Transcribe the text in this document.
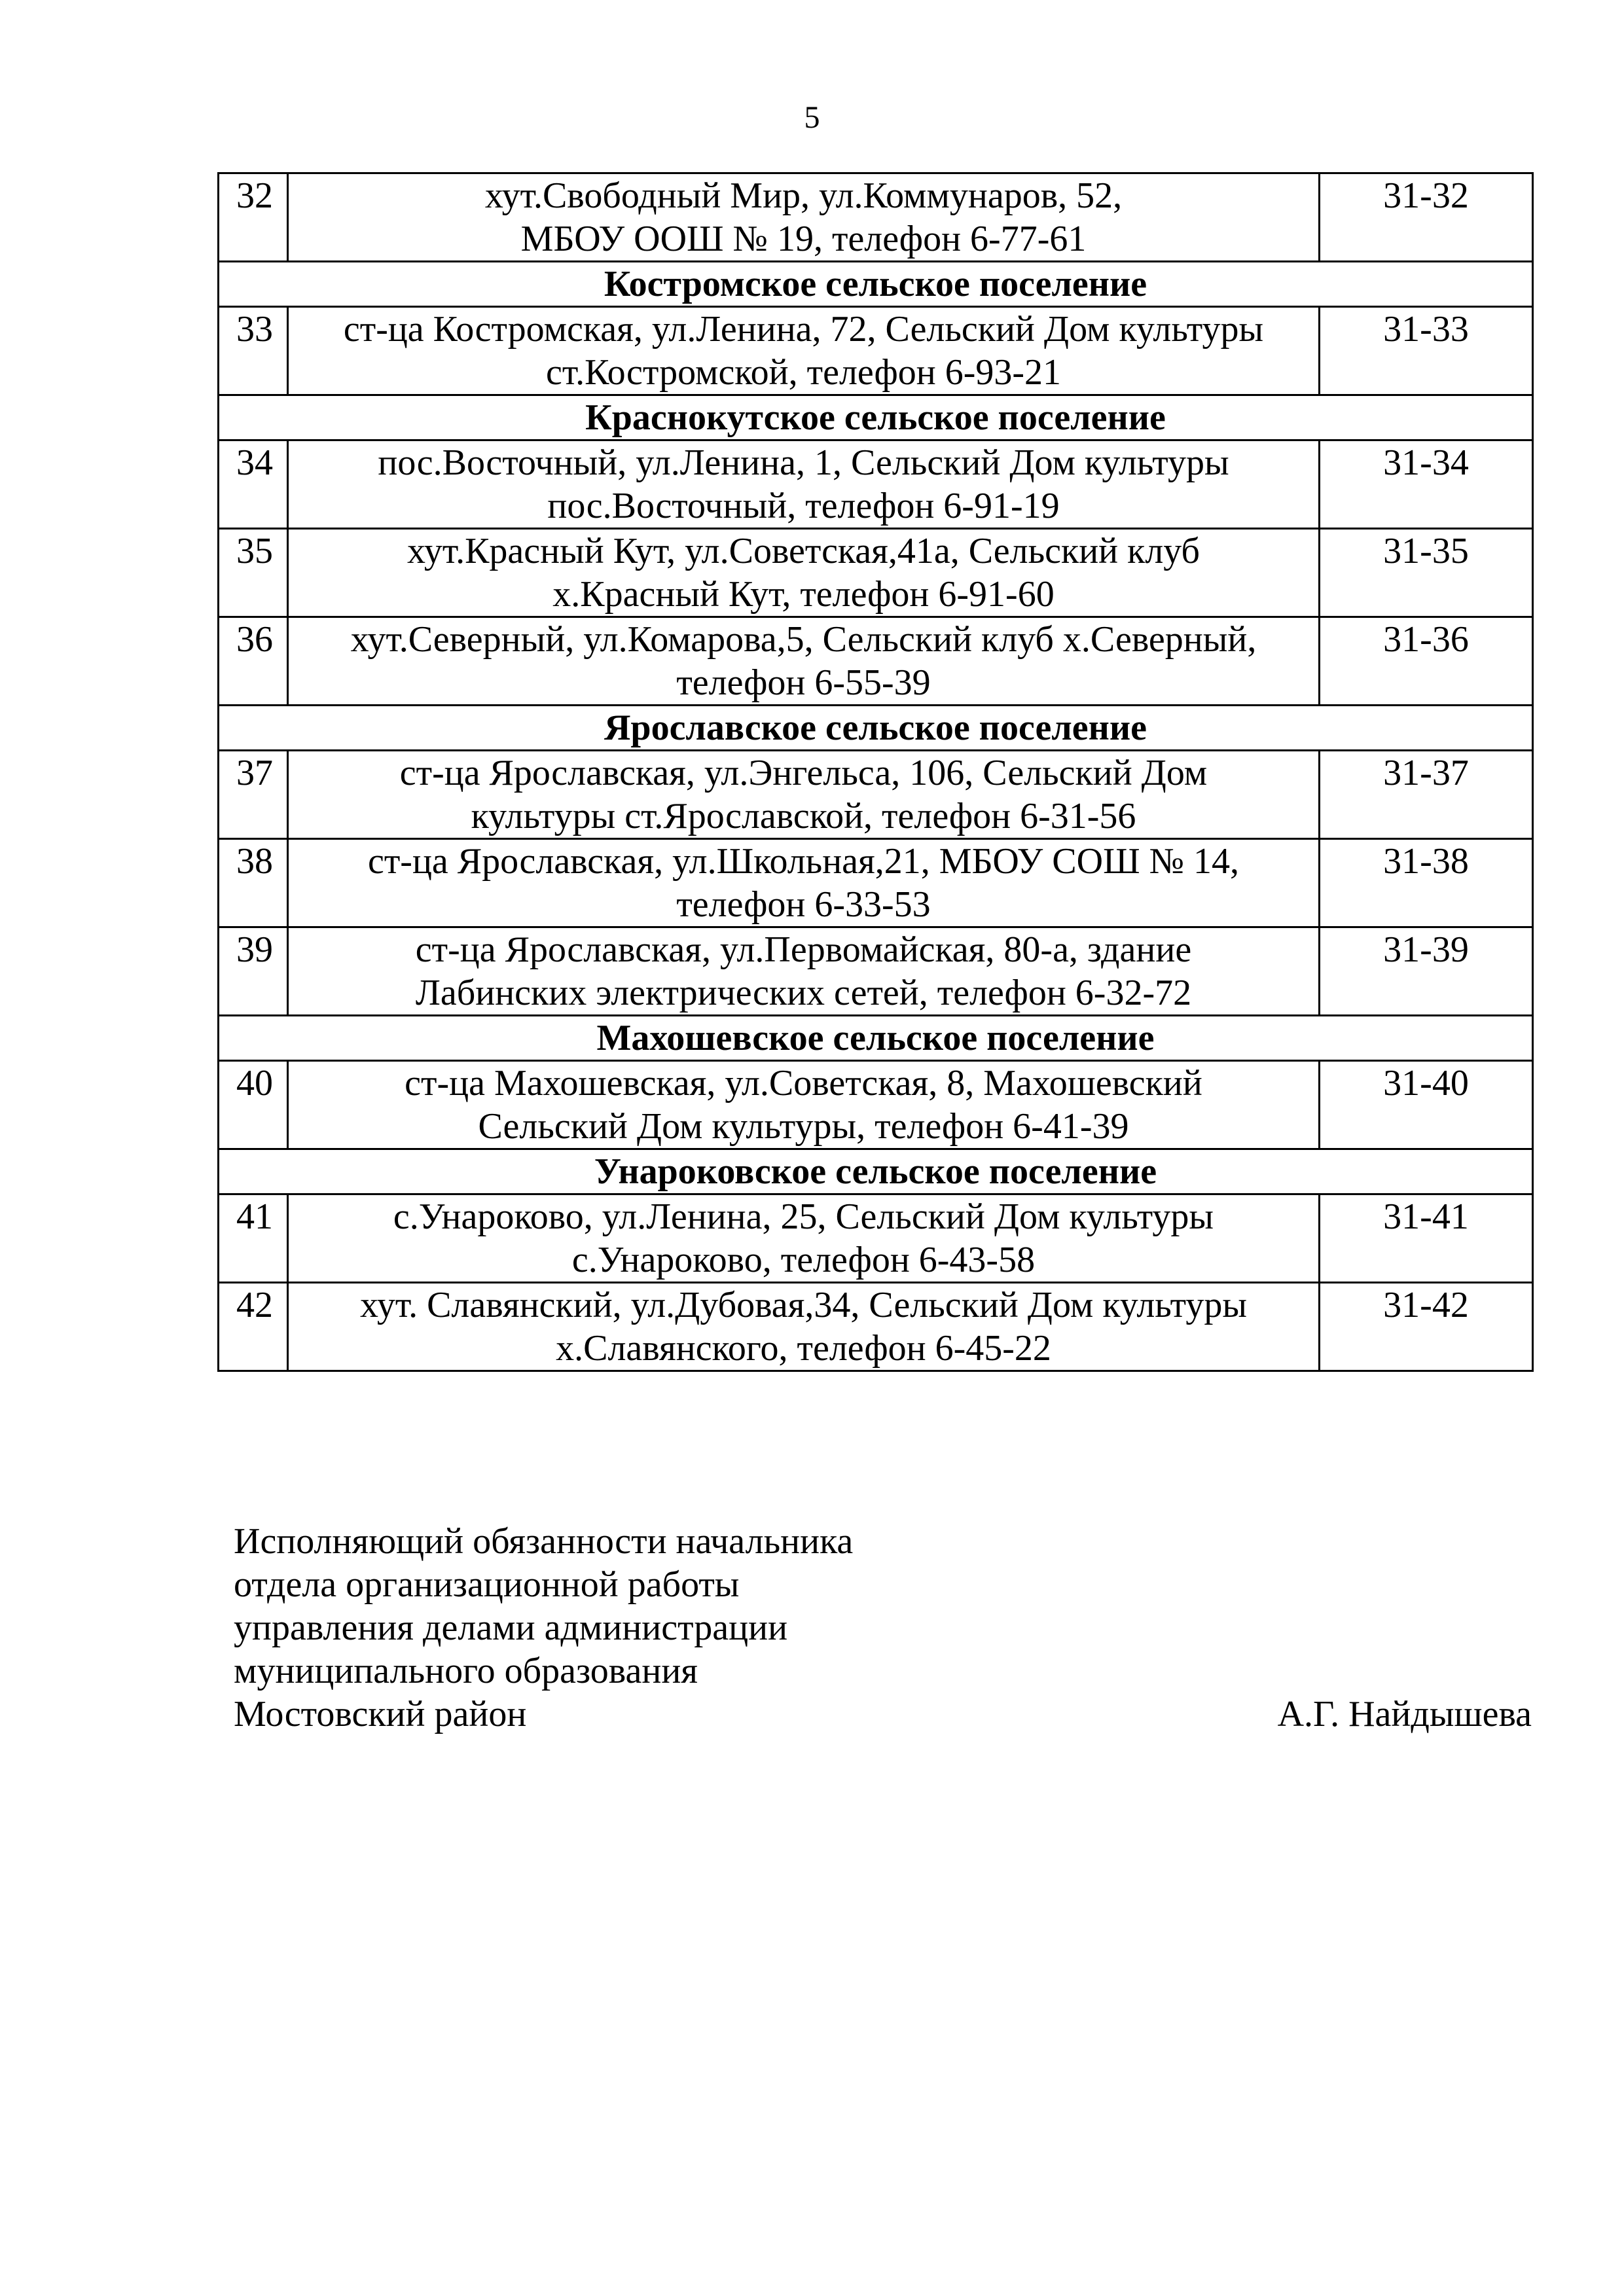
5
32	хут.Свободный Мир, ул.Коммунаров, 52,
МБОУ ООШ № 19, телефон 6-77-61	31-32
Костромское сельское поселение		
33	ст-ца Костромская, ул.Ленина, 72, Сельский Дом культуры
ст.Костромской, телефон 6-93-21	31-33
Краснокутское сельское поселение		
34	пос.Восточный, ул.Ленина, 1, Сельский Дом культуры
пос.Восточный, телефон 6-91-19	31-34
35	хут.Красный Кут, ул.Советская,41а, Сельский клуб
х.Красный Кут, телефон 6-91-60	31-35
36	хут.Северный, ул.Комарова,5, Сельский клуб х.Северный,
телефон 6-55-39	31-36
Ярославское сельское поселение		
37	ст-ца Ярославская, ул.Энгельса, 106, Сельский Дом
культуры ст.Ярославской, телефон 6-31-56	31-37
38	ст-ца Ярославская, ул.Школьная,21, МБОУ СОШ № 14,
телефон 6-33-53	31-38
39	ст-ца Ярославская, ул.Первомайская, 80-а, здание
Лабинских электрических сетей, телефон 6-32-72	31-39
Махошевское сельское поселение		
40	ст-ца Махошевская, ул.Советская, 8, Махошевский
Сельский Дом культуры, телефон 6-41-39	31-40
Унароковское сельское поселение		
41	с.Унароково, ул.Ленина, 25, Сельский Дом культуры
с.Унароково, телефон 6-43-58	31-41
42	хут. Славянский, ул.Дубовая,34, Сельский Дом культуры
х.Славянского, телефон 6-45-22	31-42
Исполняющий обязанности начальника
отдела организационной работы
управления делами администрации
муниципального образования
Мостовский район	А.Г. Найдышева
